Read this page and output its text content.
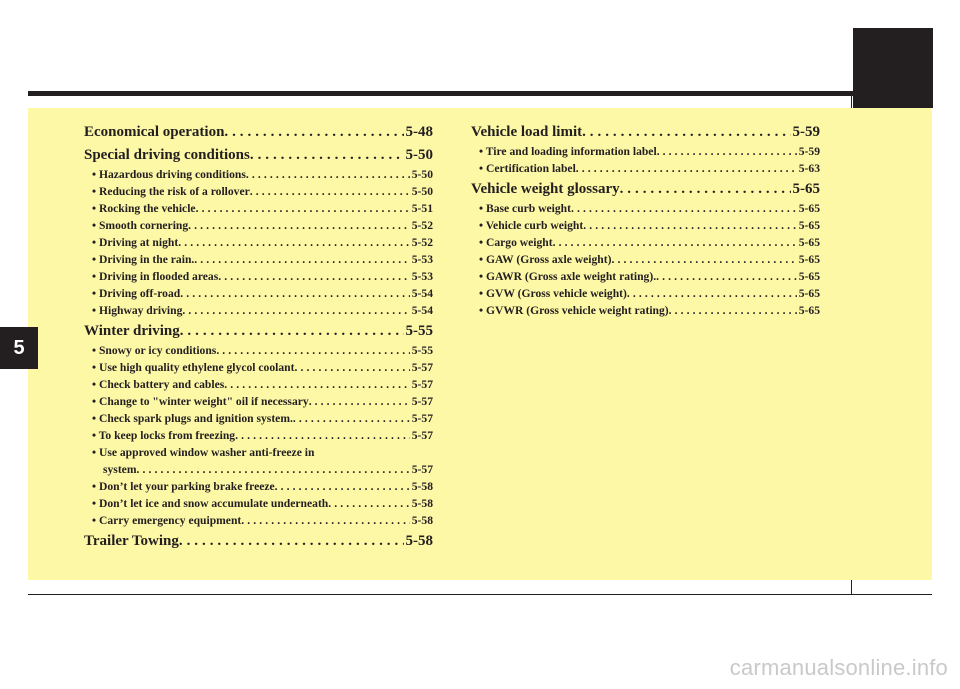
5
Economical operation . . .	5-48
Special driving conditions . . .	5-50
• Hazardous driving conditions . . .	5-50
• Reducing the risk of a rollover . . .	5-50
• Rocking the vehicle . . .	5-51
• Smooth cornering . . .	5-52
• Driving at night . . .	5-52
• Driving in the rain. . . .	5-53
• Driving in flooded areas . . .	5-53
• Driving off-road . . .	5-54
• Highway driving . . .	5-54
Winter driving . . .	5-55
• Snowy or icy conditions . . .	5-55
• Use high quality ethylene glycol coolant . . .	5-57
• Check battery and cables . . .	5-57
• Change to "winter weight" oil if necessary . . .	5-57
• Check spark plugs and ignition system. . . .	5-57
• To keep locks from freezing . . .	5-57
• Use approved window washer anti-freeze in
system . . .	5-57
• Don’t let your parking brake freeze . . .	5-58
• Don’t let ice and snow accumulate underneath . . .	5-58
• Carry emergency equipment . . .	5-58
Trailer Towing . . .	5-58
Vehicle load limit . . .	5-59
• Tire and loading information label . . .	5-59
• Certification label . . .	5-63
Vehicle weight glossary . . .	5-65
• Base curb weight . . .	5-65
• Vehicle curb weight . . .	5-65
• Cargo weight . . .	5-65
• GAW (Gross axle weight) . . .	5-65
• GAWR (Gross axle weight rating). . . .	5-65
• GVW (Gross vehicle weight) . . .	5-65
• GVWR (Gross vehicle weight rating) . . .	5-65
carmanualsonline.info
